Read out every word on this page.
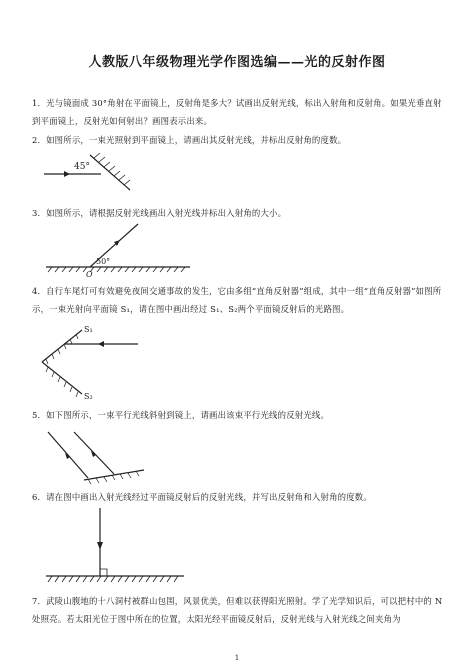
人教版八年级物理光学作图选编——光的反射作图
1．光与镜面成 30°角射在平面镜上，反射角是多大？试画出反射光线，标出入射角和反射角。如果光垂直射到平面镜上，反射光如何射出？画图表示出来。
2．如图所示，一束光照射到平面镜上，请画出其反射光线，并标出反射角的度数。
45°
3．如图所示，请根据反射光线画出入射光线并标出入射角的大小。
50°
O
4．自行车尾灯可有效避免夜间交通事故的发生，它由多组“直角反射器”组成，其中一组“直角反射器”如图所示，一束光射向平面镜 S₁，请在图中画出经过 S₁、S₂两个平面镜反射后的光路图。
S₁
S₂
5．如下图所示，一束平行光线斜射到镜上，请画出该束平行光线的反射光线。
6．请在图中画出入射光线经过平面镜反射后的反射光线，并写出反射角和入射角的度数。
7．武陵山腹地的十八洞村被群山包围，风景优美，但难以获得阳光照射。学了光学知识后，可以把村中的 N 处照亮。若太阳光位于图中所在的位置，太阳光经平面镜反射后，反射光线与入射光线之间夹角为
1
